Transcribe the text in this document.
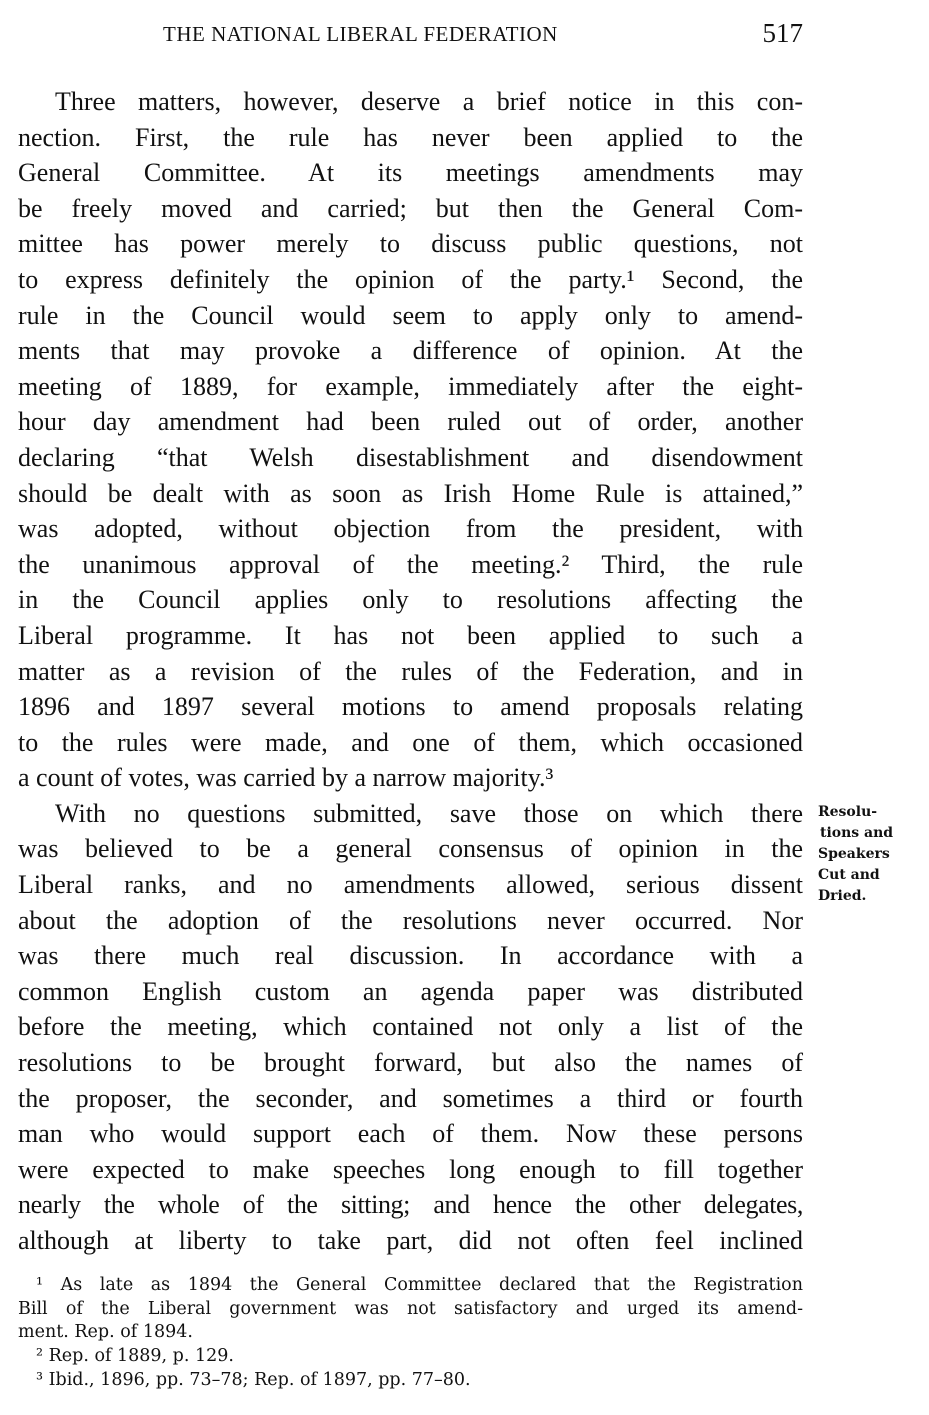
THE NATIONAL LIBERAL FEDERATION	517
Three matters, however, deserve a brief notice in this con-
nection. First, the rule has never been applied to the
General Committee. At its meetings amendments may
be freely moved and carried; but then the General Com-
mittee has power merely to discuss public questions, not
to express definitely the opinion of the party.¹ Second, the
rule in the Council would seem to apply only to amend-
ments that may provoke a difference of opinion. At the
meeting of 1889, for example, immediately after the eight-
hour day amendment had been ruled out of order, another
declaring “that Welsh disestablishment and disendowment
should be dealt with as soon as Irish Home Rule is attained,”
was adopted, without objection from the president, with
the unanimous approval of the meeting.² Third, the rule
in the Council applies only to resolutions affecting the
Liberal programme. It has not been applied to such a
matter as a revision of the rules of the Federation, and in
1896 and 1897 several motions to amend proposals relating
to the rules were made, and one of them, which occasioned
a count of votes, was carried by a narrow majority.³
With no questions submitted, save those on which there
was believed to be a general consensus of opinion in the
Liberal ranks, and no amendments allowed, serious dissent
about the adoption of the resolutions never occurred. Nor
was there much real discussion. In accordance with a
common English custom an agenda paper was distributed
before the meeting, which contained not only a list of the
resolutions to be brought forward, but also the names of
the proposer, the seconder, and sometimes a third or fourth
man who would support each of them. Now these persons
were expected to make speeches long enough to fill together
nearly the whole of the sitting; and hence the other delegates,
although at liberty to take part, did not often feel inclined
Resolu-
tions and
Speakers
Cut and
Dried.
¹ As late as 1894 the General Committee declared that the Registration
Bill of the Liberal government was not satisfactory and urged its amend-
ment. Rep. of 1894.
² Rep. of 1889, p. 129.
³ Ibid., 1896, pp. 73–78; Rep. of 1897, pp. 77–80.
